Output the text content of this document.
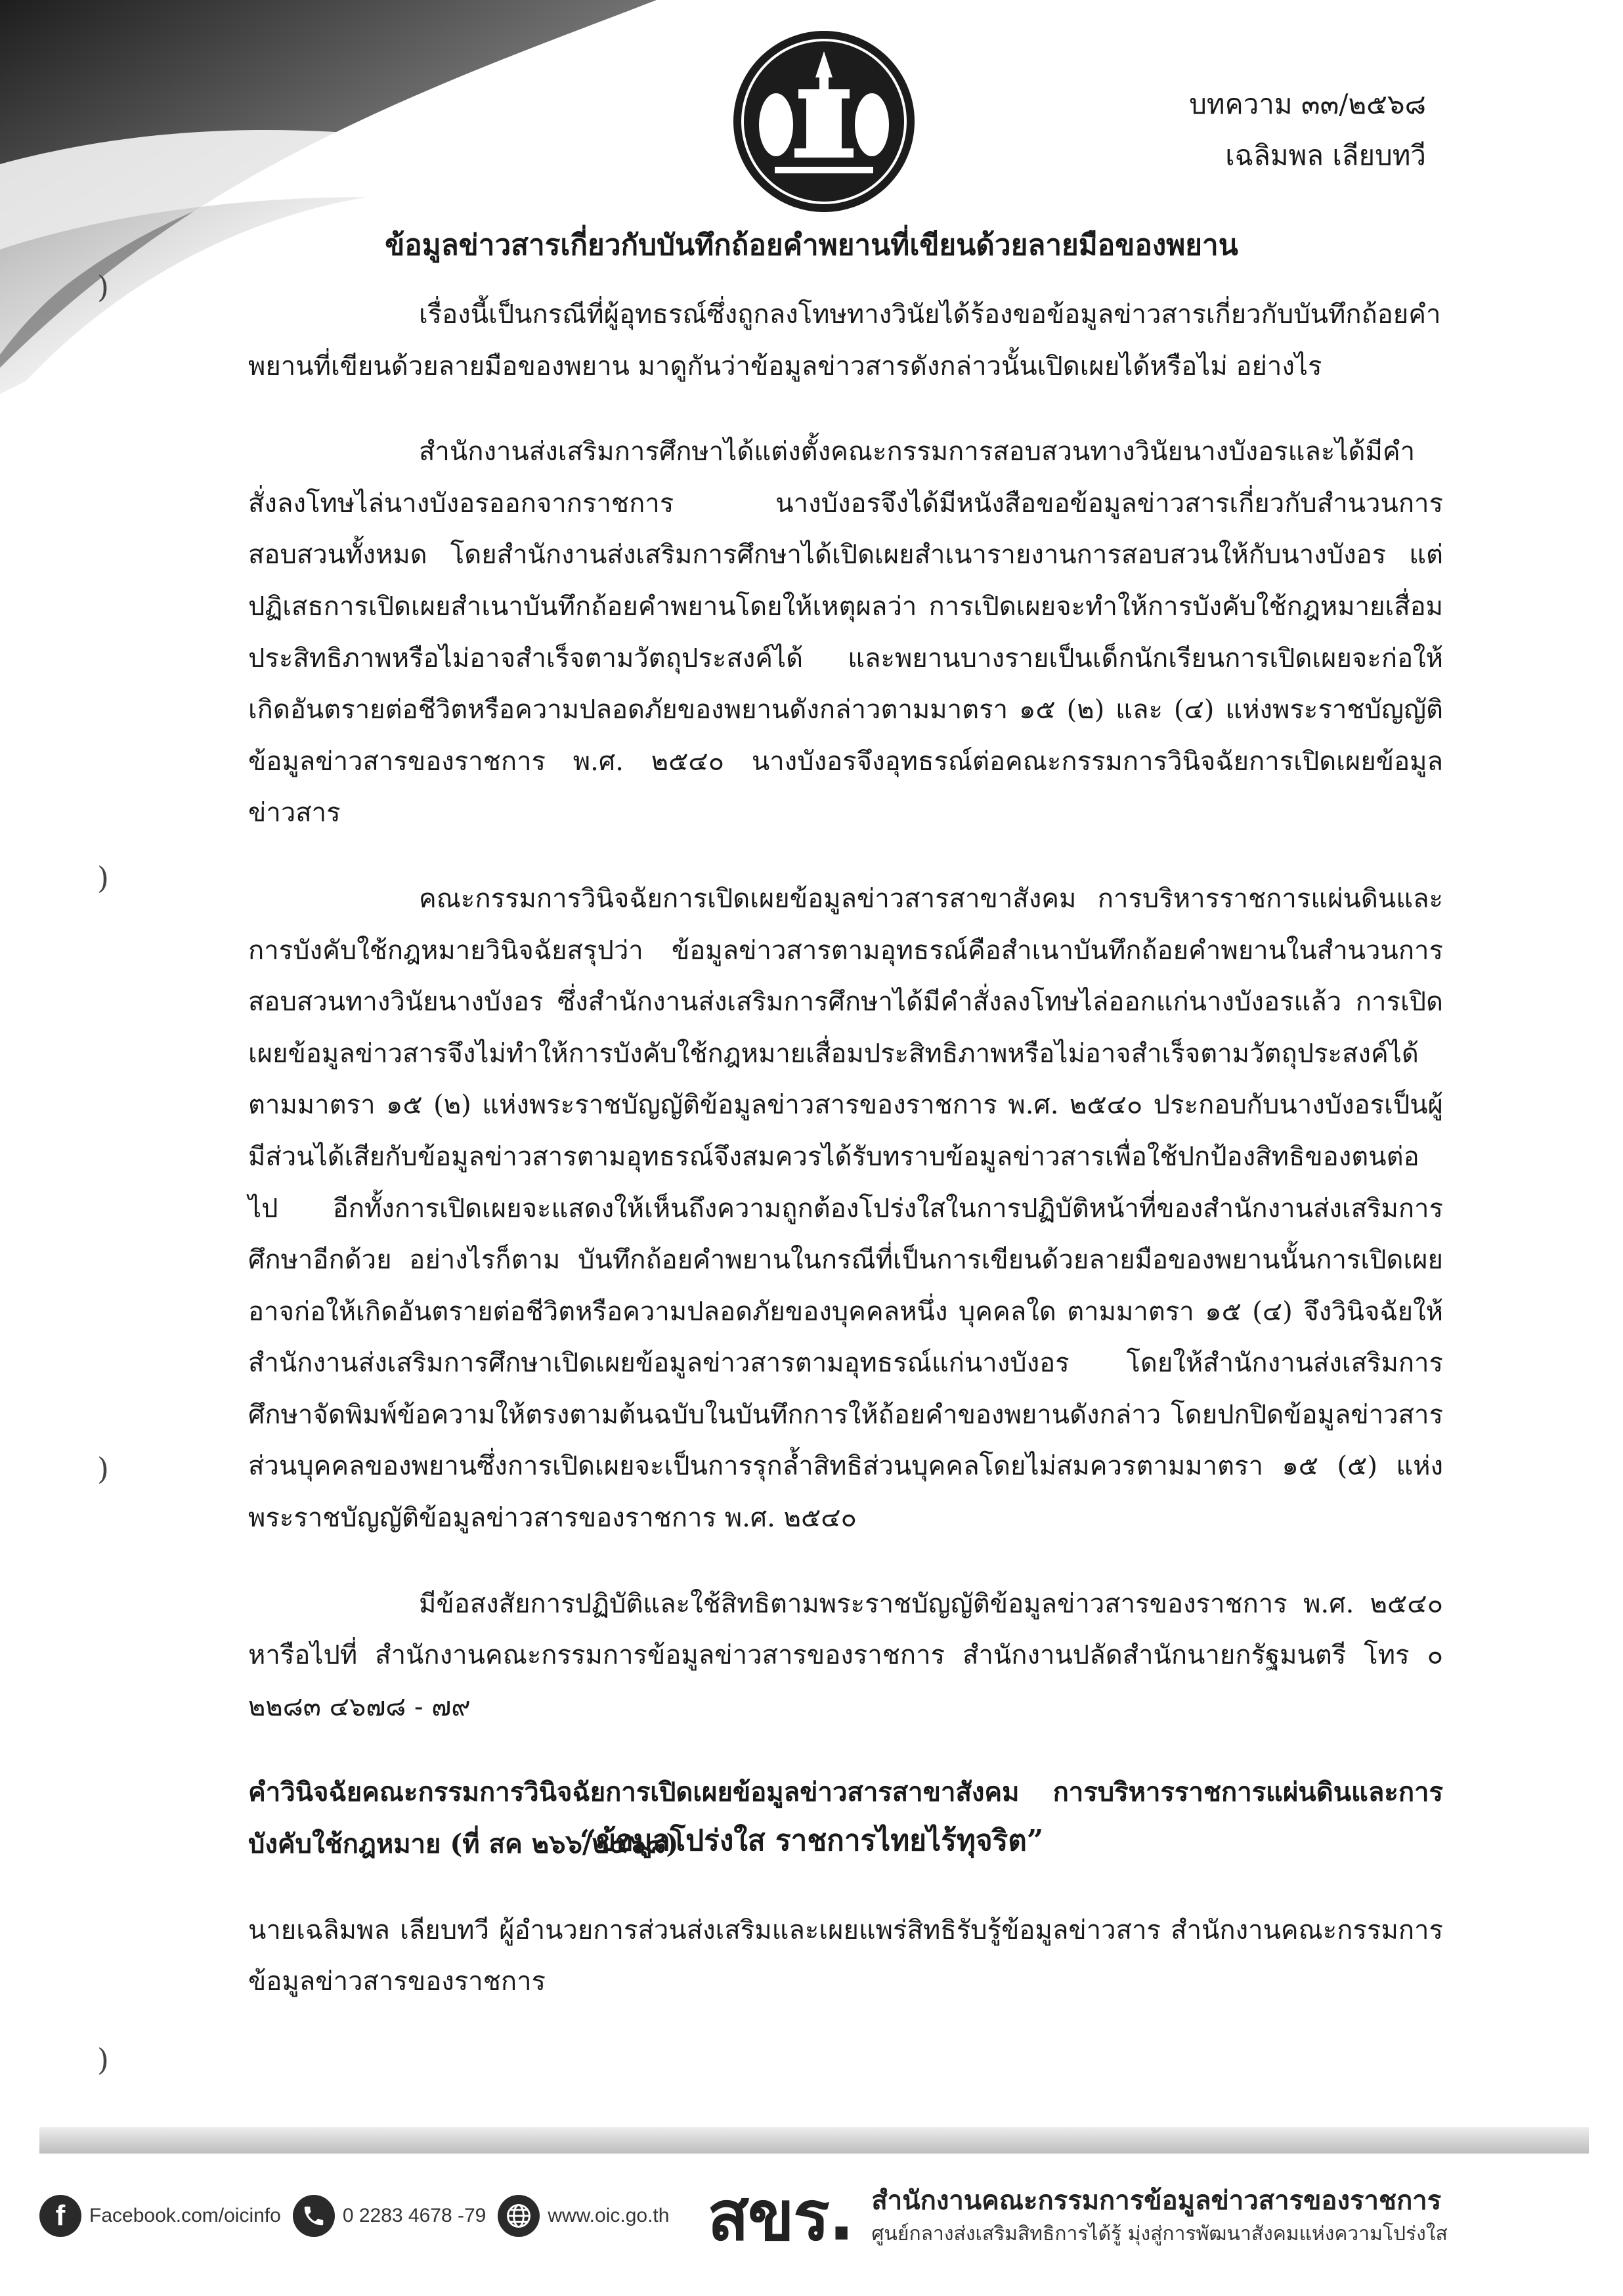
บทความ ๓๓/๒๕๖๘
เฉลิมพล เลียบทวี
ข้อมูลข่าวสารเกี่ยวกับบันทึกถ้อยคำพยานที่เขียนด้วยลายมือของพยาน

เรื่องนี้เป็นกรณีที่ผู้อุทธรณ์ซึ่งถูกลงโทษทางวินัยได้ร้องขอข้อมูลข่าวสารเกี่ยวกับบันทึกถ้อยคำพยานที่เขียนด้วยลายมือของพยาน มาดูกันว่าข้อมูลข่าวสารดังกล่าวนั้นเปิดเผยได้หรือไม่ อย่างไร

สำนักงานส่งเสริมการศึกษาได้แต่งตั้งคณะกรรมการสอบสวนทางวินัยนางบังอรและได้มีคำสั่งลงโทษไล่นางบังอรออกจากราชการ นางบังอรจึงได้มีหนังสือขอข้อมูลข่าวสารเกี่ยวกับสำนวนการสอบสวนทั้งหมด โดยสำนักงานส่งเสริมการศึกษาได้เปิดเผยสำเนารายงานการสอบสวนให้กับนางบังอร แต่ปฏิเสธการเปิดเผยสำเนาบันทึกถ้อยคำพยานโดยให้เหตุผลว่า การเปิดเผยจะทำให้การบังคับใช้กฎหมายเสื่อมประสิทธิภาพหรือไม่อาจสำเร็จตามวัตถุประสงค์ได้ และพยานบางรายเป็นเด็กนักเรียนการเปิดเผยจะก่อให้เกิดอันตรายต่อชีวิตหรือความปลอดภัยของพยานดังกล่าวตามมาตรา ๑๕ (๒) และ (๔) แห่งพระราชบัญญัติข้อมูลข่าวสารของราชการ พ.ศ. ๒๕๔๐ นางบังอรจึงอุทธรณ์ต่อคณะกรรมการวินิจฉัยการเปิดเผยข้อมูลข่าวสาร

คณะกรรมการวินิจฉัยการเปิดเผยข้อมูลข่าวสารสาขาสังคม การบริหารราชการแผ่นดินและการบังคับใช้กฎหมายวินิจฉัยสรุปว่า ข้อมูลข่าวสารตามอุทธรณ์คือสำเนาบันทึกถ้อยคำพยานในสำนวนการสอบสวนทางวินัยนางบังอร ซึ่งสำนักงานส่งเสริมการศึกษาได้มีคำสั่งลงโทษไล่ออกแก่นางบังอรแล้ว การเปิดเผยข้อมูลข่าวสารจึงไม่ทำให้การบังคับใช้กฎหมายเสื่อมประสิทธิภาพหรือไม่อาจสำเร็จตามวัตถุประสงค์ได้ตามมาตรา ๑๕ (๒) แห่งพระราชบัญญัติข้อมูลข่าวสารของราชการ พ.ศ. ๒๕๔๐ ประกอบกับนางบังอรเป็นผู้มีส่วนได้เสียกับข้อมูลข่าวสารตามอุทธรณ์จึงสมควรได้รับทราบข้อมูลข่าวสารเพื่อใช้ปกป้องสิทธิของตนต่อไป อีกทั้งการเปิดเผยจะแสดงให้เห็นถึงความถูกต้องโปร่งใสในการปฏิบัติหน้าที่ของสำนักงานส่งเสริมการศึกษาอีกด้วย อย่างไรก็ตาม บันทึกถ้อยคำพยานในกรณีที่เป็นการเขียนด้วยลายมือของพยานนั้นการเปิดเผยอาจก่อให้เกิดอันตรายต่อชีวิตหรือความปลอดภัยของบุคคลหนึ่ง บุคคลใด ตามมาตรา ๑๕ (๔) จึงวินิจฉัยให้สำนักงานส่งเสริมการศึกษาเปิดเผยข้อมูลข่าวสารตามอุทธรณ์แก่นางบังอร โดยให้สำนักงานส่งเสริมการศึกษาจัดพิมพ์ข้อความให้ตรงตามต้นฉบับในบันทึกการให้ถ้อยคำของพยานดังกล่าว โดยปกปิดข้อมูลข่าวสารส่วนบุคคลของพยานซึ่งการเปิดเผยจะเป็นการรุกล้ำสิทธิส่วนบุคคลโดยไม่สมควรตามมาตรา ๑๕ (๕) แห่งพระราชบัญญัติข้อมูลข่าวสารของราชการ พ.ศ. ๒๕๔๐

มีข้อสงสัยการปฏิบัติและใช้สิทธิตามพระราชบัญญัติข้อมูลข่าวสารของราชการ พ.ศ. ๒๕๔๐ หารือไปที่ สำนักงานคณะกรรมการข้อมูลข่าวสารของราชการ สำนักงานปลัดสำนักนายกรัฐมนตรี โทร ๐ ๒๒๘๓ ๔๖๗๘ - ๗๙

คำวินิจฉัยคณะกรรมการวินิจฉัยการเปิดเผยข้อมูลข่าวสารสาขาสังคม การบริหารราชการแผ่นดินและการบังคับใช้กฎหมาย (ที่ สค ๒๖๖/๒๕๖๘)

นายเฉลิมพล เลียบทวี ผู้อำนวยการส่วนส่งเสริมและเผยแพร่สิทธิรับรู้ข้อมูลข่าวสาร สำนักงานคณะกรรมการข้อมูลข่าวสารของราชการ

“ข้อมูลโปร่งใส ราชการไทยไร้ทุจริต”
)
)
)
)
f	Facebook.com/oicinfo	0 2283 4678 -79	www.oic.go.th สขร. สำนักงานคณะกรรมการข้อมูลข่าวสารของราชการ
ศูนย์กลางส่งเสริมสิทธิการได้รู้ มุ่งสู่การพัฒนาสังคมแห่งความโปร่งใส
